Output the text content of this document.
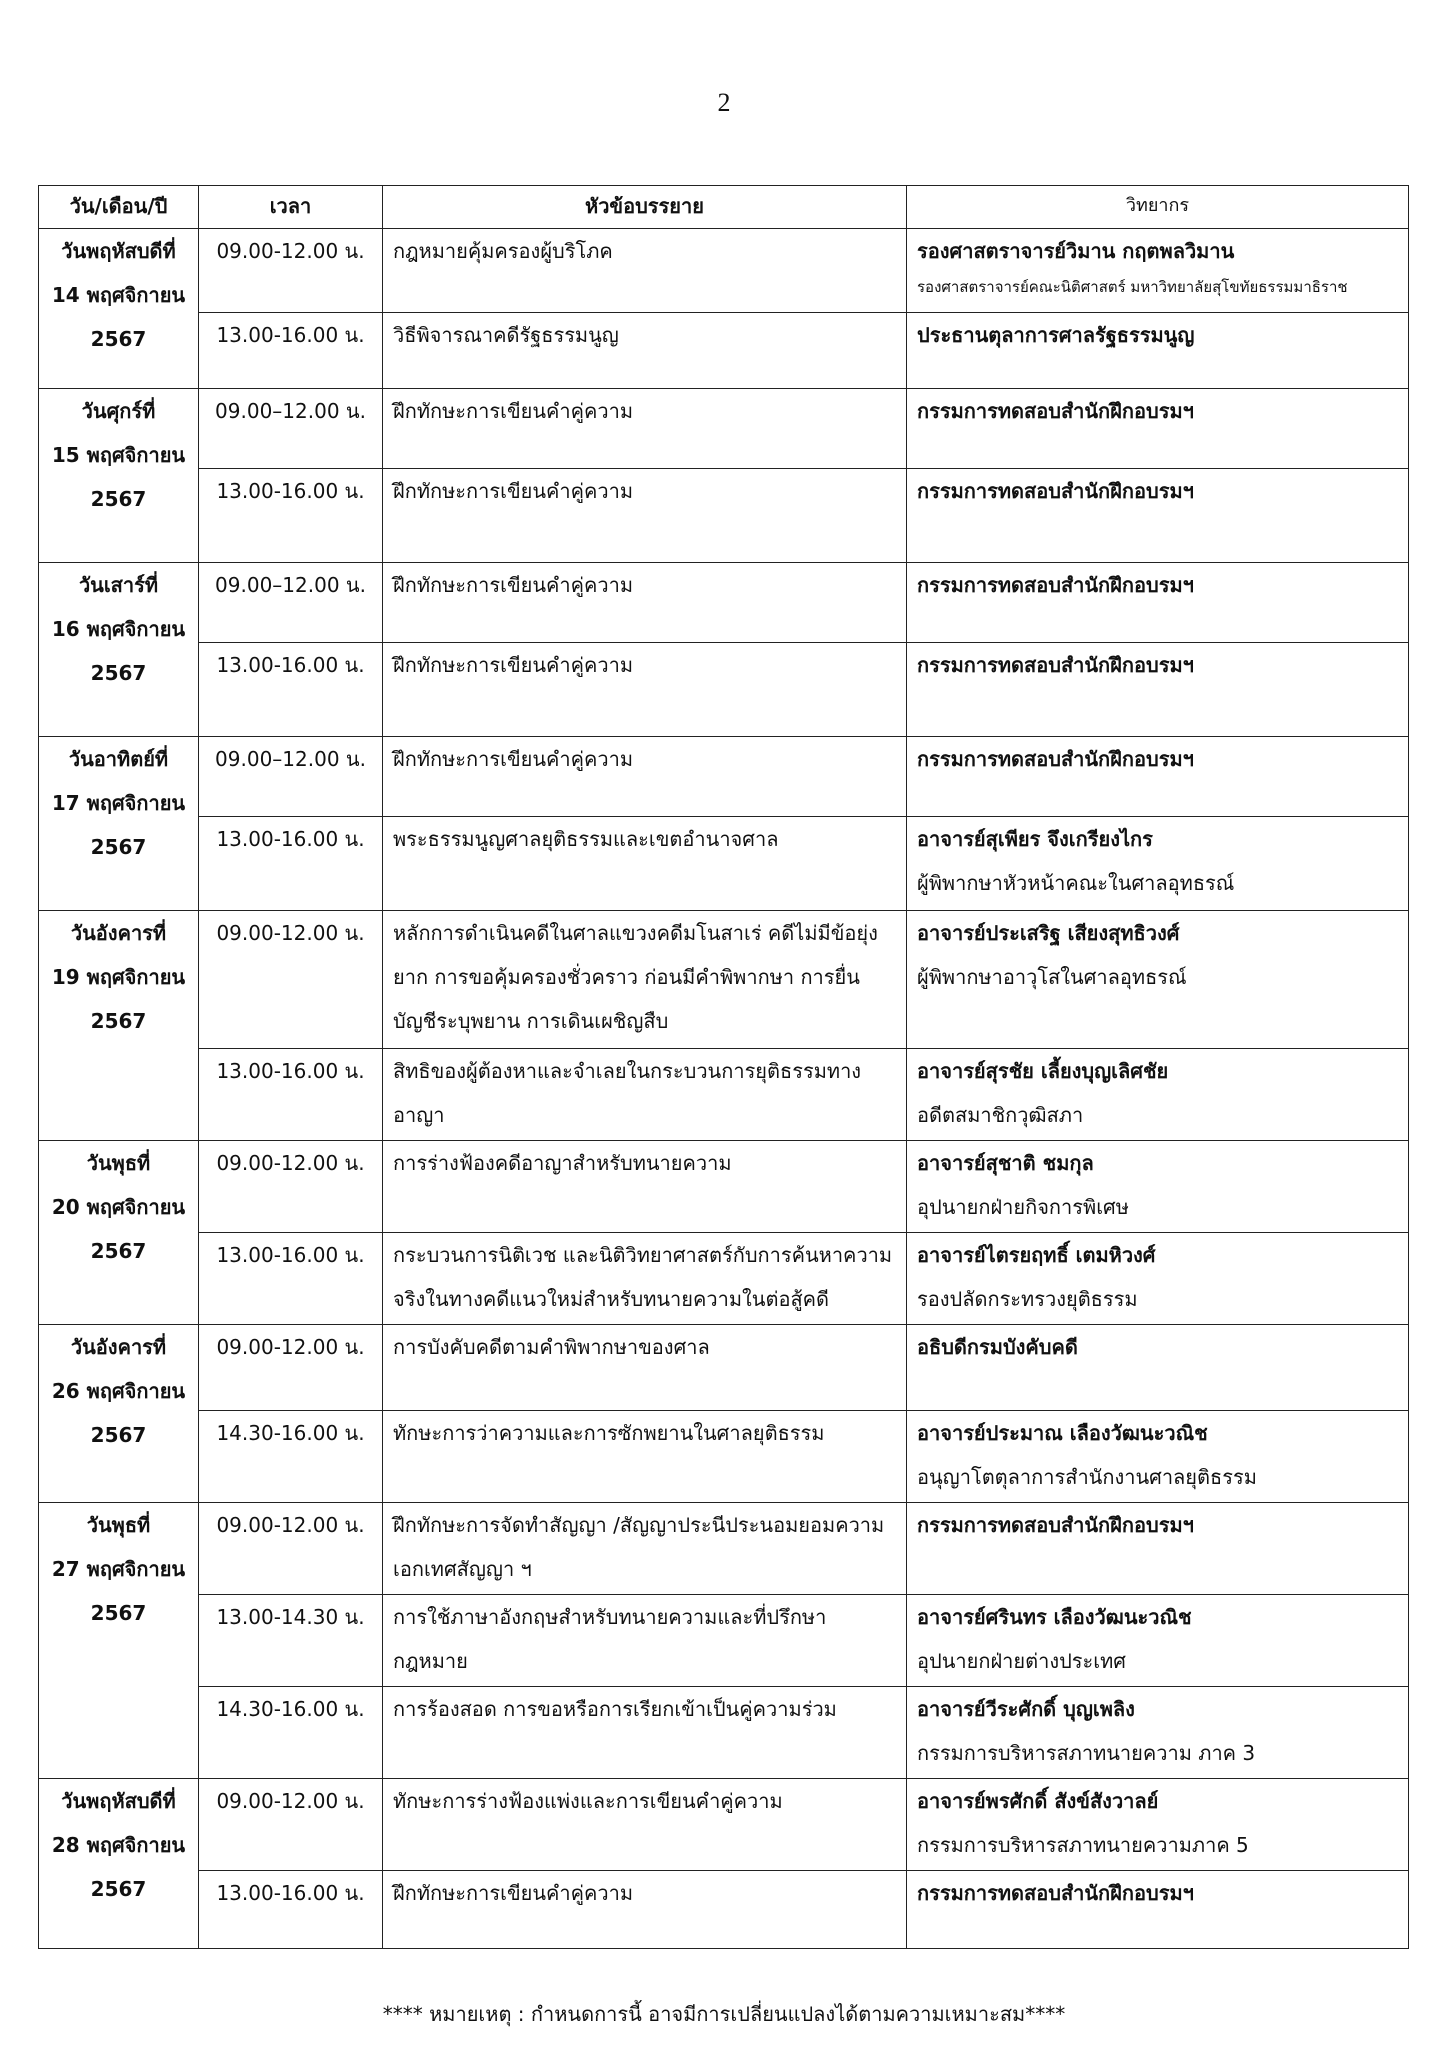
2
วัน/เดือน/ปี	เวลา	หัวข้อบรรยาย	วิทยากร

วันพฤหัสบดีที่
14 พฤศจิกายน
2567	09.00-12.00 น.	กฎหมายคุ้มครองผู้บริโภค	รองศาสตราจารย์วิมาน กฤตพลวิมาน
รองศาสตราจารย์คณะนิติศาสตร์ มหาวิทยาลัยสุโขทัยธรรมมาธิราช

	13.00-16.00 น.	วิธีพิจารณาคดีรัฐธรรมนูญ	ประธานตุลาการศาลรัฐธรรมนูญ

วันศุกร์ที่
15 พฤศจิกายน
2567	09.00–12.00 น.	ฝึกทักษะการเขียนคำคู่ความ	กรรมการทดสอบสำนักฝึกอบรมฯ

	13.00-16.00 น.	ฝึกทักษะการเขียนคำคู่ความ	กรรมการทดสอบสำนักฝึกอบรมฯ

วันเสาร์ที่
16 พฤศจิกายน
2567	09.00–12.00 น.	ฝึกทักษะการเขียนคำคู่ความ	กรรมการทดสอบสำนักฝึกอบรมฯ

	13.00-16.00 น.	ฝึกทักษะการเขียนคำคู่ความ	กรรมการทดสอบสำนักฝึกอบรมฯ

วันอาทิตย์ที่
17 พฤศจิกายน
2567	09.00–12.00 น.	ฝึกทักษะการเขียนคำคู่ความ	กรรมการทดสอบสำนักฝึกอบรมฯ

	13.00-16.00 น.	พระธรรมนูญศาลยุติธรรมและเขตอำนาจศาล	อาจารย์สุเพียร จึงเกรียงไกร
ผู้พิพากษาหัวหน้าคณะในศาลอุทธรณ์

วันอังคารที่
19 พฤศจิกายน
2567	09.00-12.00 น.	หลักการดำเนินคดีในศาลแขวงคดีมโนสาเร่ คดีไม่มีข้อยุ่งยาก การขอคุ้มครองชั่วคราว ก่อนมีคำพิพากษา การยื่นบัญชีระบุพยาน การเดินเผชิญสืบ	อาจารย์ประเสริฐ เสียงสุทธิวงศ์
ผู้พิพากษาอาวุโสในศาลอุทธรณ์

	13.00-16.00 น.	สิทธิของผู้ต้องหาและจำเลยในกระบวนการยุติธรรมทางอาญา	อาจารย์สุรชัย เลี้ยงบุญเลิศชัย
อดีตสมาชิกวุฒิสภา

วันพุธที่
20 พฤศจิกายน
2567	09.00-12.00 น.	การร่างฟ้องคดีอาญาสำหรับทนายความ	อาจารย์สุชาติ ชมกุล
อุปนายกฝ่ายกิจการพิเศษ

	13.00-16.00 น.	กระบวนการนิติเวช และนิติวิทยาศาสตร์กับการค้นหาความจริงในทางคดีแนวใหม่สำหรับทนายความในต่อสู้คดี	อาจารย์ไตรยฤทธิ์ เตมหิวงศ์
รองปลัดกระทรวงยุติธรรม

วันอังคารที่
26 พฤศจิกายน
2567	09.00-12.00 น.	การบังคับคดีตามคำพิพากษาของศาล	อธิบดีกรมบังคับคดี

	14.30-16.00 น.	ทักษะการว่าความและการซักพยานในศาลยุติธรรม	อาจารย์ประมาณ เลืองวัฒนะวณิช
อนุญาโตตุลาการสำนักงานศาลยุติธรรม

วันพุธที่
27 พฤศจิกายน
2567	09.00-12.00 น.	ฝึกทักษะการจัดทำสัญญา /สัญญาประนีประนอมยอมความ เอกเทศสัญญา ฯ	กรรมการทดสอบสำนักฝึกอบรมฯ

	13.00-14.30 น.	การใช้ภาษาอังกฤษสำหรับทนายความและที่ปรึกษากฎหมาย	อาจารย์ศรินทร เลืองวัฒนะวณิช
อุปนายกฝ่ายต่างประเทศ

	14.30-16.00 น.	การร้องสอด การขอหรือการเรียกเข้าเป็นคู่ความร่วม	อาจารย์วีระศักดิ์ บุญเพลิง
กรรมการบริหารสภาทนายความ ภาค 3

วันพฤหัสบดีที่
28 พฤศจิกายน
2567	09.00-12.00 น.	ทักษะการร่างฟ้องแพ่งและการเขียนคำคู่ความ	อาจารย์พรศักดิ์ สังข์สังวาลย์
กรรมการบริหารสภาทนายความภาค 5

	13.00-16.00 น.	ฝึกทักษะการเขียนคำคู่ความ	กรรมการทดสอบสำนักฝึกอบรมฯ
**** หมายเหตุ : กำหนดการนี้ อาจมีการเปลี่ยนแปลงได้ตามความเหมาะสม****
